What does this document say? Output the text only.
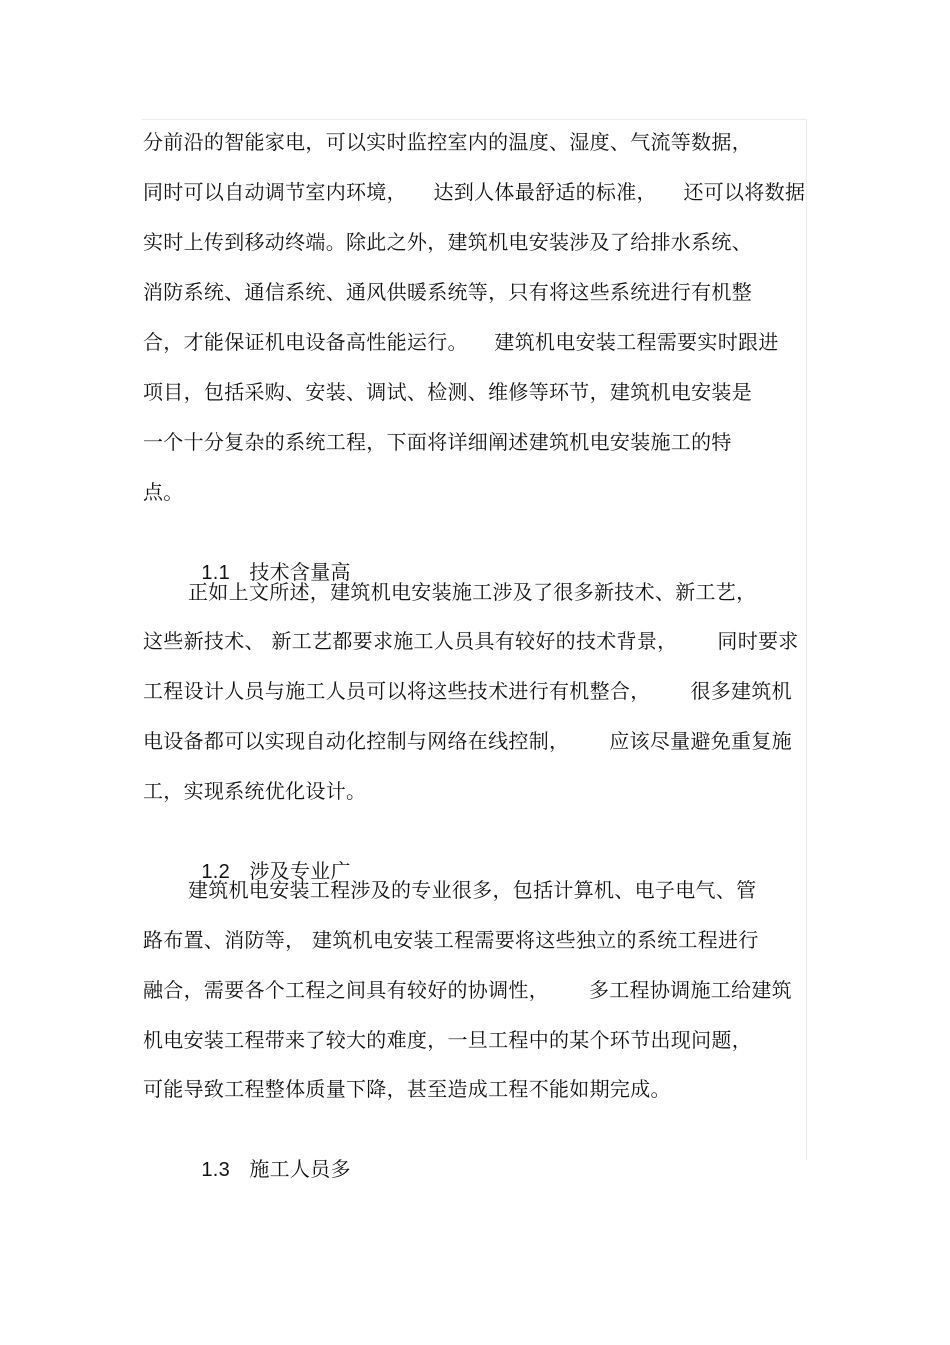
分前沿的智能家电，可以实时监控室内的温度、湿度、气流等数据，
同时可以自动调节室内环境，    达到人体最舒适的标准，    还可以将数据
实时上传到移动终端。除此之外，建筑机电安装涉及了给排水系统、
消防系统、通信系统、通风供暖系统等，只有将这些系统进行有机整
合，才能保证机电设备高性能运行。    建筑机电安装工程需要实时跟进
项目，包括采购、安装、调试、检测、维修等环节，建筑机电安装是
一个十分复杂的系统工程，下面将详细阐述建筑机电安装施工的特
点。

1.1 技术含量高

正如上文所述，建筑机电安装施工涉及了很多新技术、新工艺，
这些新技术、 新工艺都要求施工人员具有较好的技术背景，      同时要求
工程设计人员与施工人员可以将这些技术进行有机整合，      很多建筑机
电设备都可以实现自动化控制与网络在线控制，      应该尽量避免重复施
工，实现系统优化设计。

1.2 涉及专业广

建筑机电安装工程涉及的专业很多，包括计算机、电子电气、管
路布置、消防等， 建筑机电安装工程需要将这些独立的系统工程进行
融合，需要各个工程之间具有较好的协调性，      多工程协调施工给建筑
机电安装工程带来了较大的难度，一旦工程中的某个环节出现问题，
可能导致工程整体质量下降，甚至造成工程不能如期完成。

1.3 施工人员多
